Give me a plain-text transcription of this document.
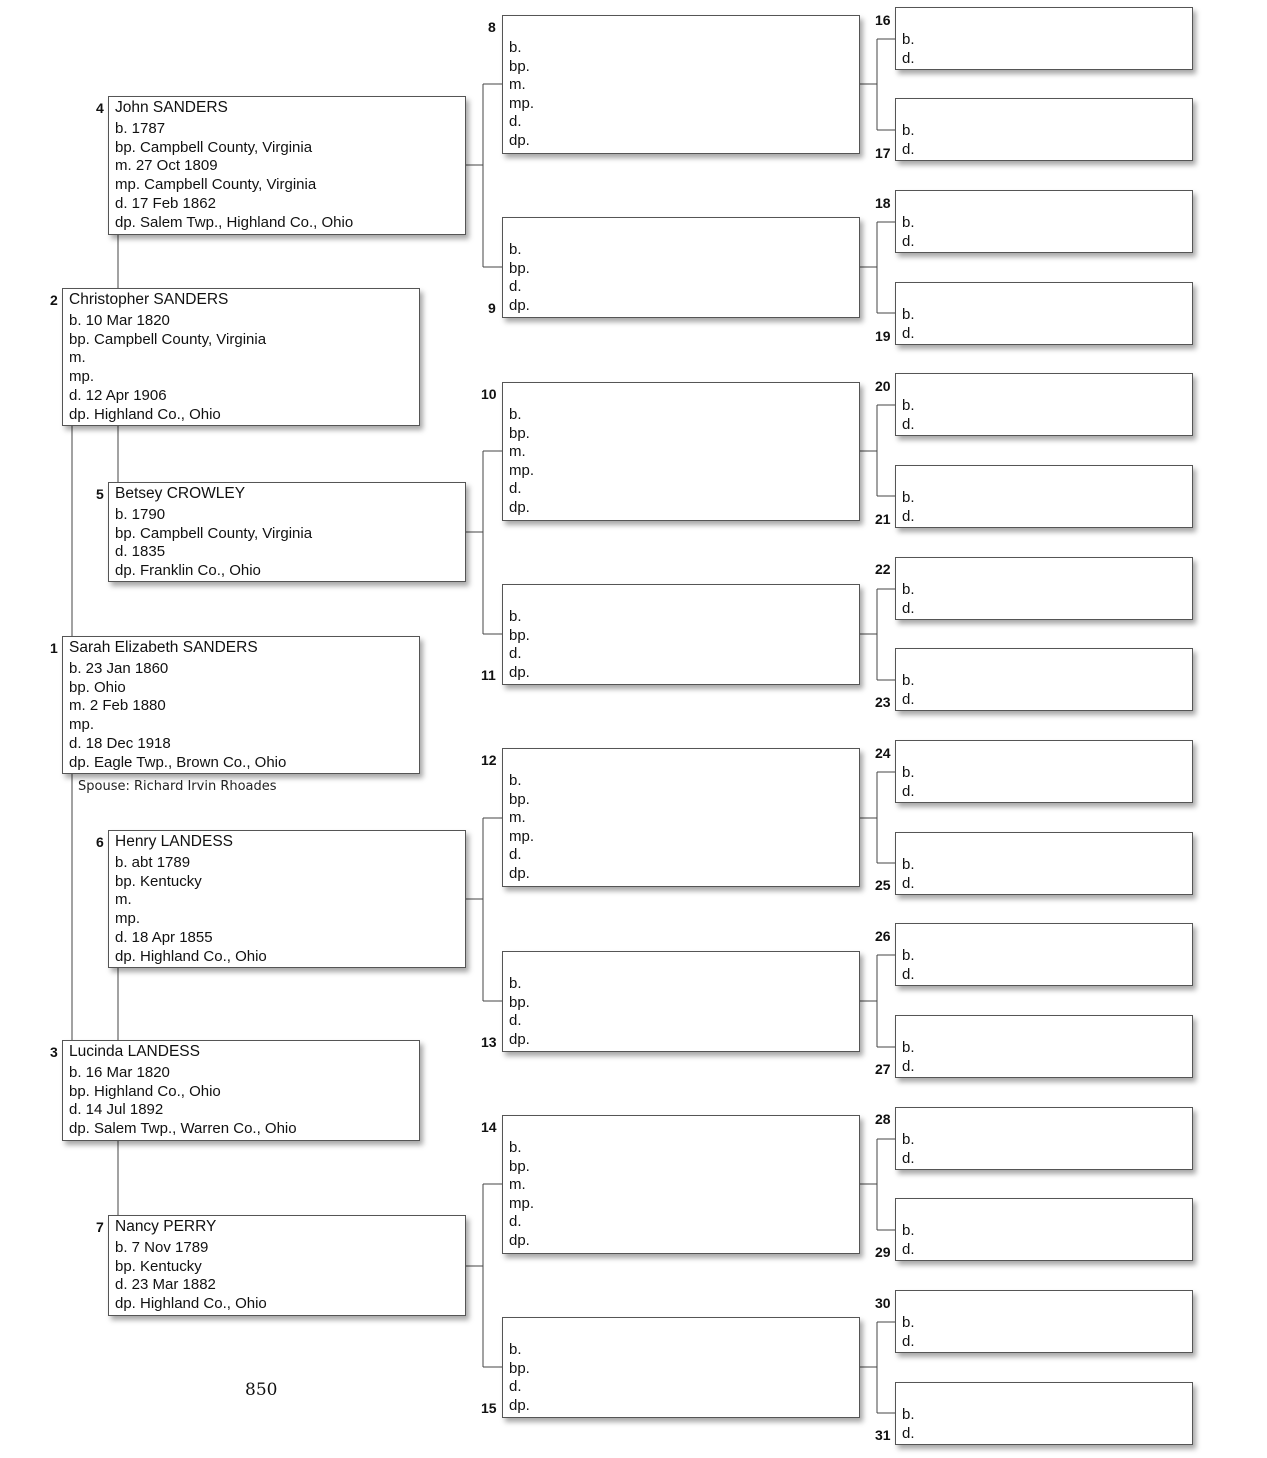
4 John SANDERS
b. 1787
bp. Campbell County, Virginia
m. 27 Oct 1809
mp. Campbell County, Virginia
d. 17 Feb 1862
dp. Salem Twp., Highland Co., Ohio
2 Christopher SANDERS
b. 10 Mar 1820
bp. Campbell County, Virginia
m.
mp.
d. 12 Apr 1906
dp. Highland Co., Ohio
5 Betsey CROWLEY
b. 1790
bp. Campbell County, Virginia
d. 1835
dp. Franklin Co., Ohio
1 Sarah Elizabeth SANDERS
b. 23 Jan 1860
bp. Ohio
m. 2 Feb 1880
mp.
d. 18 Dec 1918
dp. Eagle Twp., Brown Co., Ohio
Spouse: Richard Irvin Rhoades
6 Henry LANDESS
b. abt 1789
bp. Kentucky
m.
mp.
d. 18 Apr 1855
dp. Highland Co., Ohio
3 Lucinda LANDESS
b. 16 Mar 1820
bp. Highland Co., Ohio
d. 14 Jul 1892
dp. Salem Twp., Warren Co., Ohio
7 Nancy PERRY
b. 7 Nov 1789
bp. Kentucky
d. 23 Mar 1882
dp. Highland Co., Ohio
8
b.
bp.
m.
mp.
d.
dp.
9
b.
bp.
d.
dp.
10
b.
bp.
m.
mp.
d.
dp.
11
b.
bp.
d.
dp.
12
b.
bp.
m.
mp.
d.
dp.
13
b.
bp.
d.
dp.
14
b.
bp.
m.
mp.
d.
dp.
15
b.
bp.
d.
dp.
16
b.
d.
17
b.
d.
18
b.
d.
19
b.
d.
20
b.
d.
21
b.
d.
22
b.
d.
23
b.
d.
24
b.
d.
25
b.
d.
26
b.
d.
27
b.
d.
28
b.
d.
29
b.
d.
30
b.
d.
31
b.
d.
850
